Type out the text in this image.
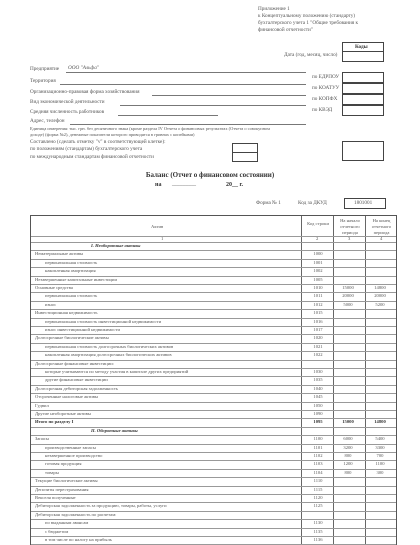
Приложение 1
к Концептуальному положению (стандарту)
бухгалтерского учета 1 "Общие требования к
финансовой отчетности"
Коды
Дата (год, месяц, число)
по ЕДРПОУ
по КОАТУУ
по КОПФХ
по КВЭД
Предприятие ООО "Альфа"
Территория
Организационно-правовая форма хозяйствования
Вид экономической деятельности
Средняя численность работников
Адрес, телефон
Единица измерения: тыс. грн. без десятичного знака (кроме раздела IV Отчета о финансовых результатах (Отчета о совокупном
доходе) (форма №2), денежные показатели которого приводятся в гривнах с копейками)
Составлено (сделать отметку "v" в соответствующей клетке):
по положениям (стандартам) бухгалтерского учета
по международным стандартам финансовой отчетности
Баланс (Отчет о финансовом состоянии)
на ________	20__ г.
Форма № 1	Код за ДКУД	1801001
Актив
Код строки
На начало отчетного периода
На конец отчетного периода
1	2	3	4
I. Необоротные активы
Нематериальные активы	1000
первоначальная стоимость	1001
накопленная амортизация	1002
Незавершенные капитальные инвестиции	1005
Основные средства	1010	15000	14800
первоначальная стоимость	1011	20000	20000
износ	1012	5000	5200
Инвестиционная недвижимость	1015
первоначальная стоимость инвестиционной недвижимости	1016
износ инвестиционной недвижимости	1017
Долгосрочные биологические активы	1020
первоначальная стоимость долгосрочных биологических активов	1021
накопленная амортизация долгосрочных биологических активов	1022
Долгосрочные финансовые инвестиции:
которые учитываются по методу участия в капитале других предприятий	1030
другие финансовые инвестиции	1035
Долгосрочная дебиторская задолженность	1040
Отсроченные налоговые активы	1045
Гудвил	1050
Другие необоротные активы	1090
Итого по разделу I	1095	15000	14800
II. Оборотные активы
Запасы	1100	6000	5400
производственные запасы	1101	3200	3300
незавершенное производство	1102	800	700
готовая продукция	1103	1200	1100
товары	1104	800	300
Текущие биологические активы	1110
Депозиты перестрахования	1115
Векселя полученные	1120
Дебиторская задолженность за продукцию, товары, работы, услуги	1125
Дебиторская задолженность по расчетам:
по выданным авансам	1130
с бюджетом	1135
в том числе по налогу на прибыль	1136
